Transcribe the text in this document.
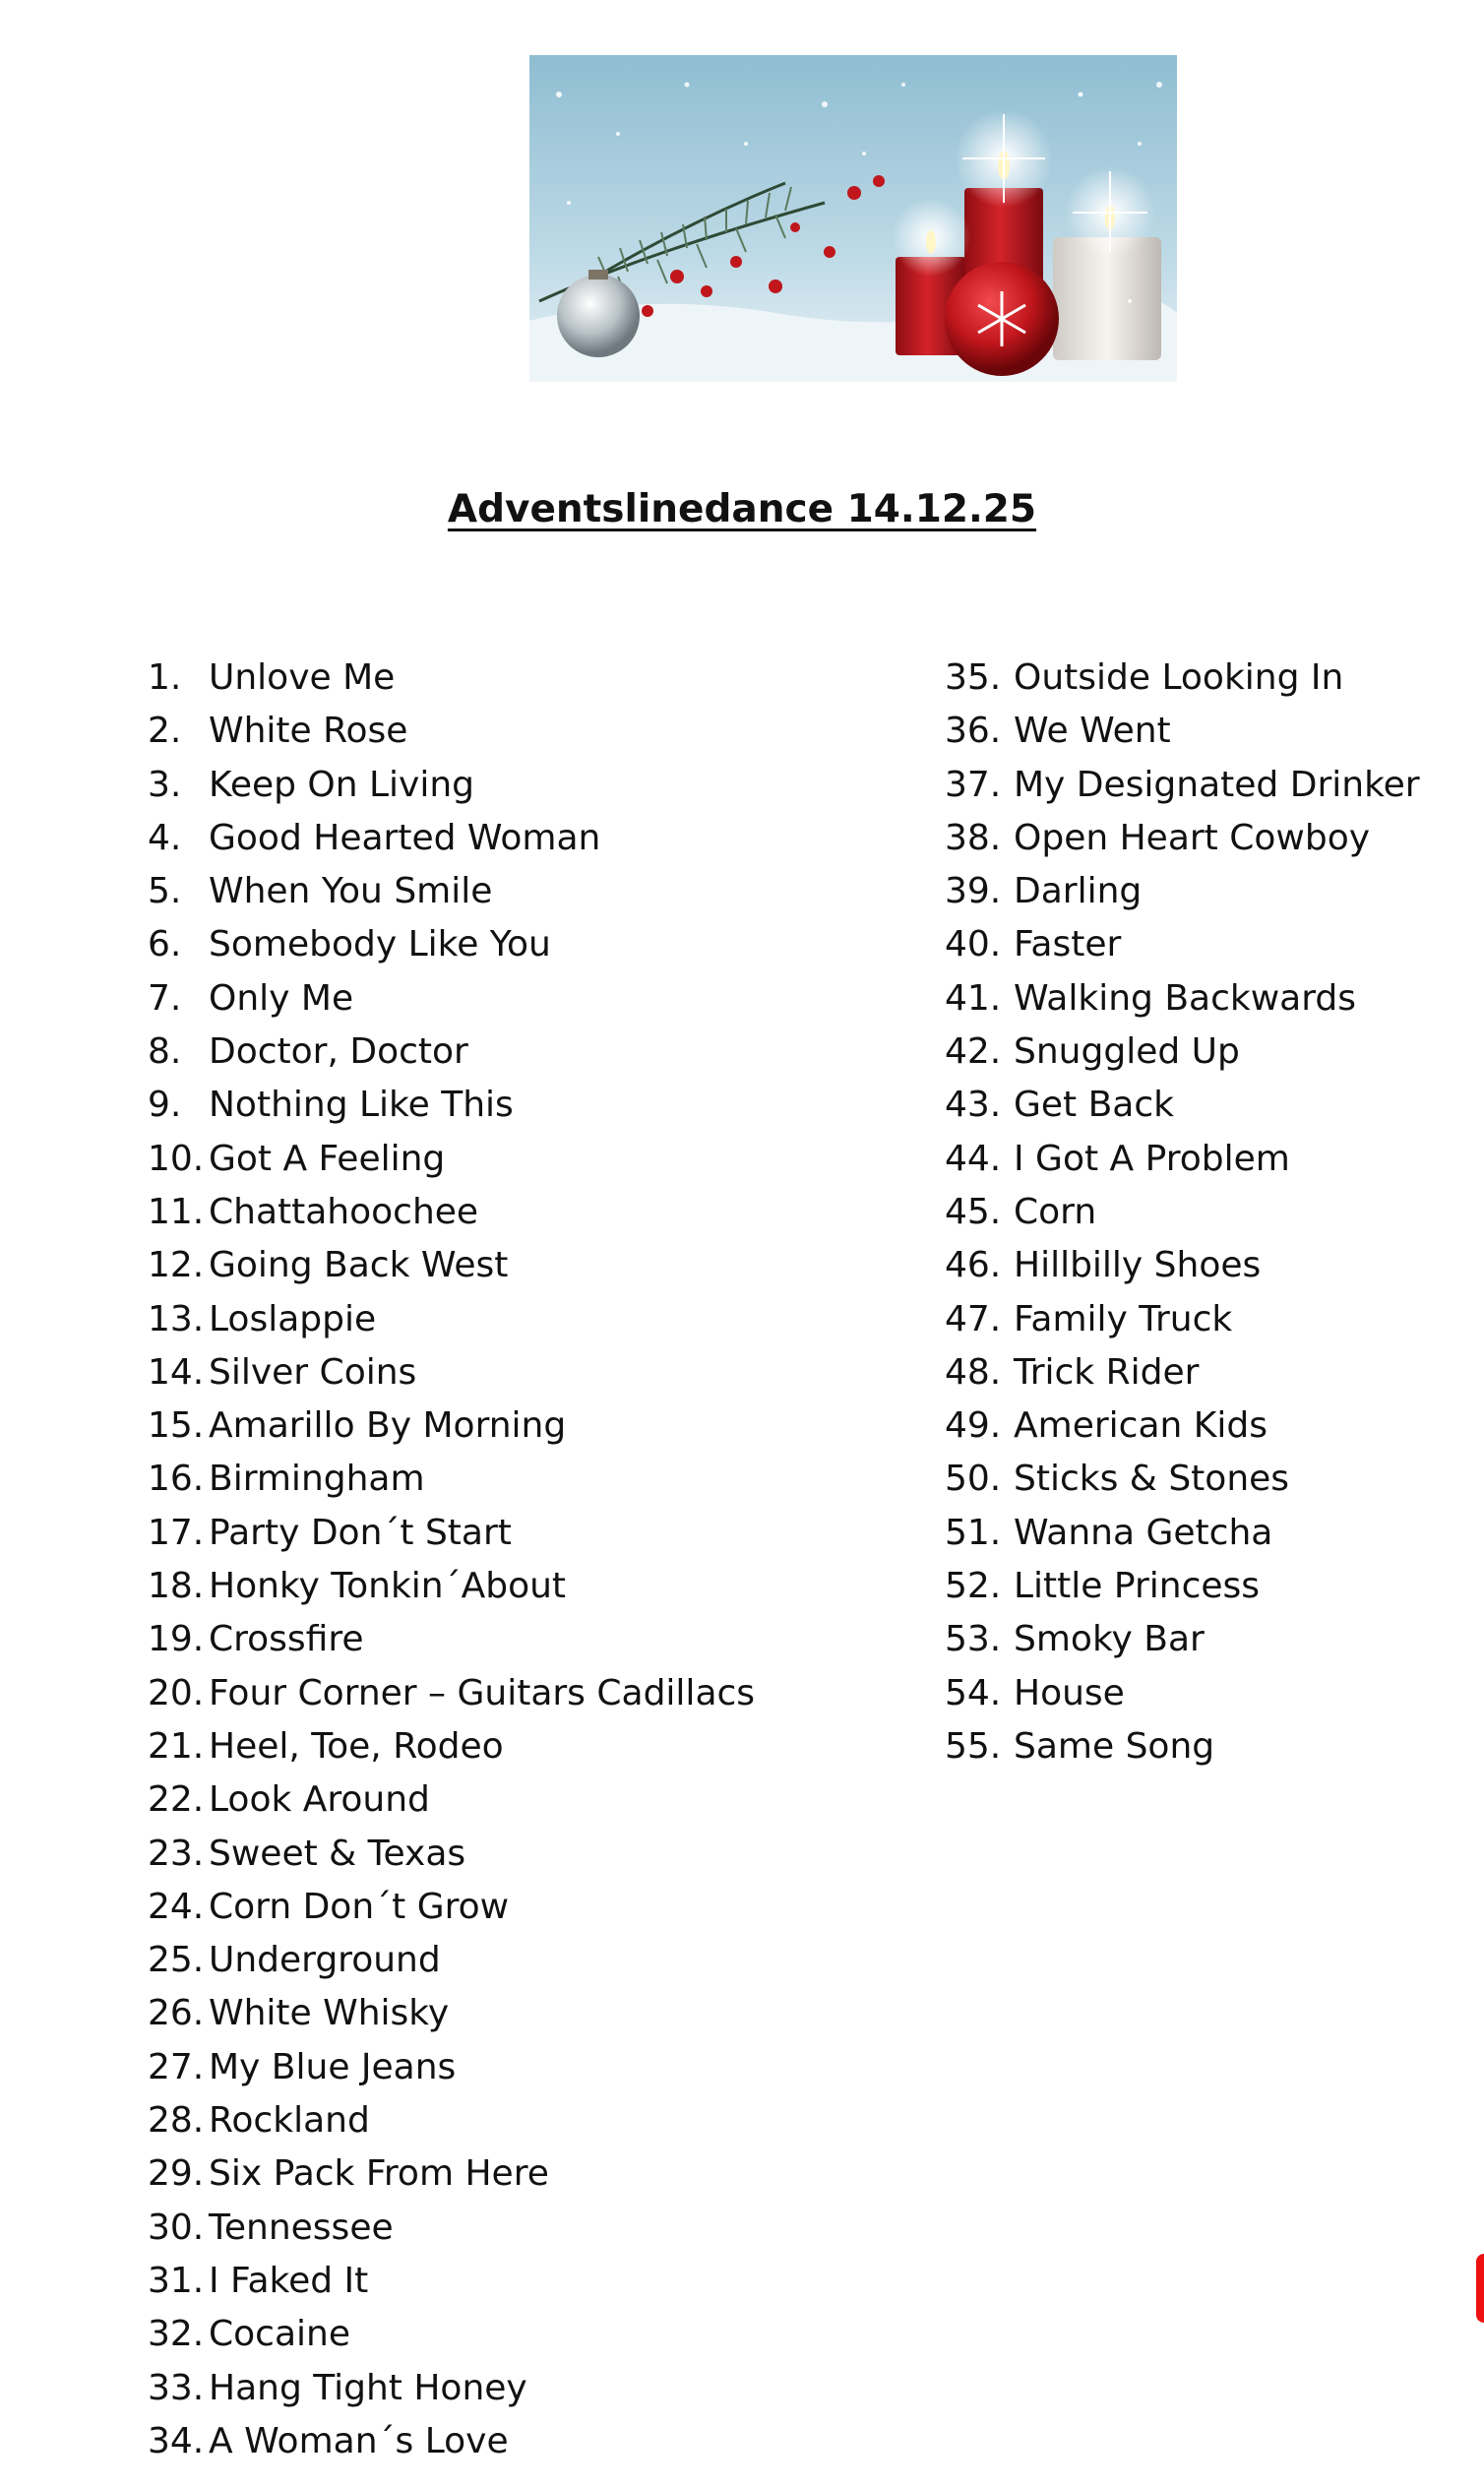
Adventslinedance 14.12.25
1. Unlove Me
2. White Rose
3. Keep On Living
4. Good Hearted Woman
5. When You Smile
6. Somebody Like You
7. Only Me
8. Doctor, Doctor
9. Nothing Like This
10. Got A Feeling
11. Chattahoochee
12. Going Back West
13. Loslappie
14. Silver Coins
15. Amarillo By Morning
16. Birmingham
17. Party Don´t Start
18. Honky Tonkin´About
19. Crossfire
20. Four Corner – Guitars Cadillacs
21. Heel, Toe, Rodeo
22. Look Around
23. Sweet & Texas
24. Corn Don´t Grow
25. Underground
26. White Whisky
27. My Blue Jeans
28. Rockland
29. Six Pack From Here
30. Tennessee
31. I Faked It
32. Cocaine
33. Hang Tight Honey
34. A Woman´s Love
35. Outside Looking In
36. We Went
37. My Designated Drinker
38. Open Heart Cowboy
39. Darling
40. Faster
41. Walking Backwards
42. Snuggled Up
43. Get Back
44. I Got A Problem
45. Corn
46. Hillbilly Shoes
47. Family Truck
48. Trick Rider
49. American Kids
50. Sticks & Stones
51. Wanna Getcha
52. Little Princess
53. Smoky Bar
54. House
55. Same Song
